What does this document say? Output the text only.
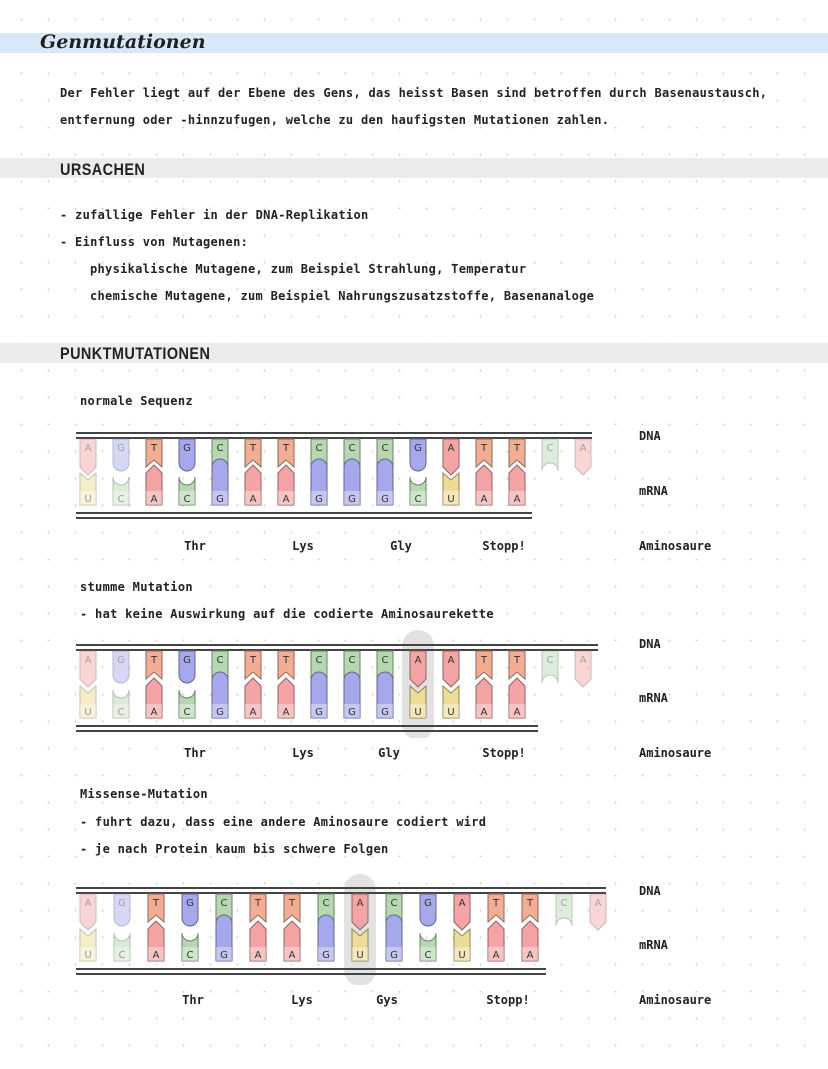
Genmutationen
Der Fehler liegt auf der Ebene des Gens, das heisst Basen sind betroffen durch Basenaustausch,
entfernung oder -hinnzufugen, welche zu den haufigsten Mutationen zahlen.
URSACHEN
- zufallige Fehler in der DNA-Replikation
- Einfluss von Mutagenen:
physikalische Mutagene, zum Beispiel Strahlung, Temperatur
chemische Mutagene, zum Beispiel Nahrungszusatzstoffe, Basenanaloge
PUNKTMUTATIONEN
normale Sequenz
A	G	T	G	C	T	T	C	C	C	G	A	T	T	C	A
U	C	A	C	G	A	A	G	G	G	C	U	A	A
DNA
mRNA
Aminosaure
Thr	Lys	Gly	Stopp!
stumme Mutation
- hat keine Auswirkung auf die codierte Aminosaurekette
A	G	T	G	C	T	T	C	C	C	A	A	T	T	C	A
U	C	A	C	G	A	A	G	G	G	U	U	A	A
DNA
mRNA
Aminosaure
Thr	Lys	Gly	Stopp!
Missense-Mutation
- fuhrt dazu, dass eine andere Aminosaure codiert wird
- je nach Protein kaum bis schwere Folgen
A	G	T	G	C	T	T	C	A	C	G	A	T	T	C	A
U	C	A	C	G	A	A	G	U	G	C	U	A	A
DNA
mRNA
Aminosaure
Thr	Lys	Gys	Stopp!
